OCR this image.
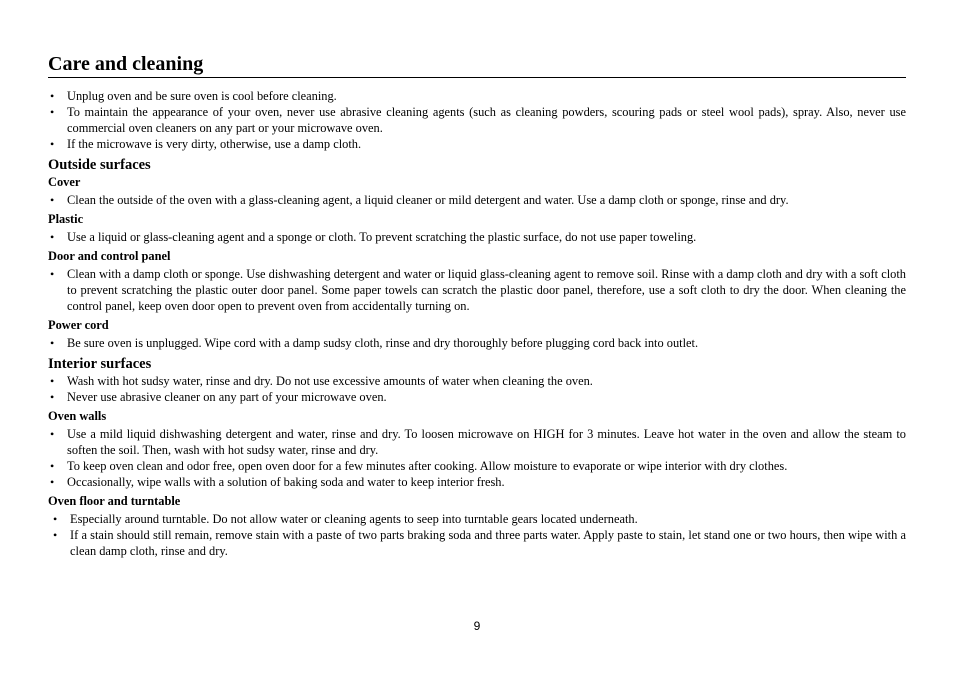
Care and cleaning
• Unplug oven and be sure oven is cool before cleaning.
• To maintain the appearance of your oven, never use abrasive cleaning agents (such as cleaning powders, scouring pads or steel wool pads), spray. Also, never use commercial oven cleaners on any part or your microwave oven.
• If the microwave is very dirty, otherwise, use a damp cloth.
Outside surfaces
Cover
• Clean the outside of the oven with a glass-cleaning agent, a liquid cleaner or mild detergent and water. Use a damp cloth or sponge, rinse and dry.
Plastic
• Use a liquid or glass-cleaning agent and a sponge or cloth. To prevent scratching the plastic surface, do not use paper toweling.
Door and control panel
• Clean with a damp cloth or sponge. Use dishwashing detergent and water or liquid glass-cleaning agent to remove soil. Rinse with a damp cloth and dry with a soft cloth to prevent scratching the plastic outer door panel. Some paper towels can scratch the plastic door panel, therefore, use a soft cloth to dry the door. When cleaning the control panel, keep oven door open to prevent oven from accidentally turning on.
Power cord
• Be sure oven is unplugged. Wipe cord with a damp sudsy cloth, rinse and dry thoroughly before plugging cord back into outlet.
Interior surfaces
• Wash with hot sudsy water, rinse and dry. Do not use excessive amounts of water when cleaning the oven.
• Never use abrasive cleaner on any part of your microwave oven.
Oven walls
• Use a mild liquid dishwashing detergent and water, rinse and dry. To loosen microwave on HIGH for 3 minutes. Leave hot water in the oven and allow the steam to soften the soil. Then, wash with hot sudsy water, rinse and dry.
• To keep oven clean and odor free, open oven door for a few minutes after cooking. Allow moisture to evaporate or wipe interior with dry clothes.
• Occasionally, wipe walls with a solution of baking soda and water to keep interior fresh.
Oven floor and turntable
• Especially around turntable. Do not allow water or cleaning agents to seep into turntable gears located underneath.
• If a stain should still remain, remove stain with a paste of two parts braking soda and three parts water. Apply paste to stain, let stand one or two hours, then wipe with a clean damp cloth, rinse and dry.
9
